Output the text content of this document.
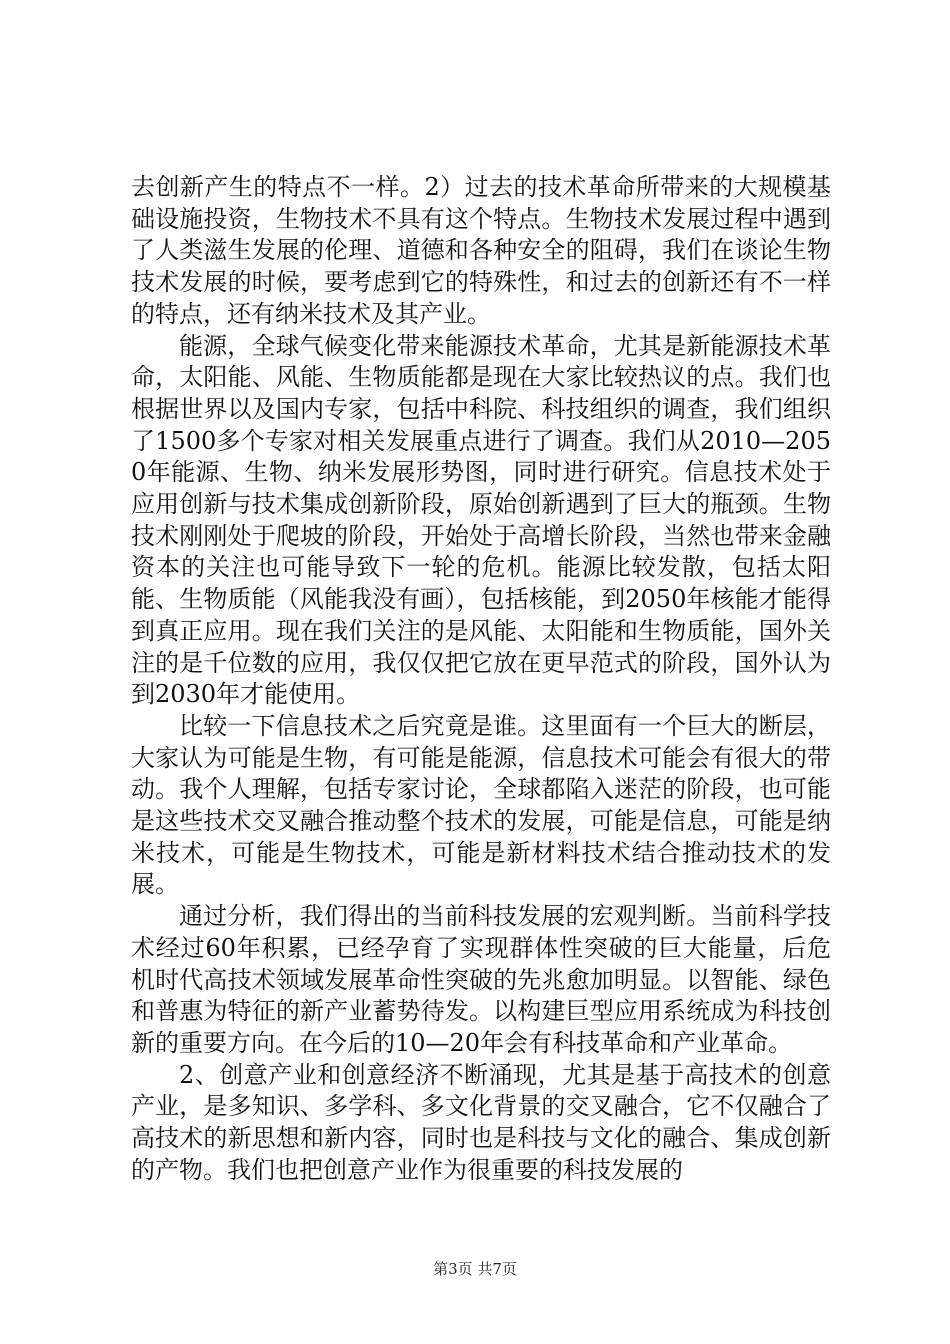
去创新产生的特点不一样。2）过去的技术革命所带来的大规模基础设施投资，生物技术不具有这个特点。生物技术发展过程中遇到了人类滋生发展的伦理、道德和各种安全的阻碍，我们在谈论生物技术发展的时候，要考虑到它的特殊性，和过去的创新还有不一样的特点，还有纳米技术及其产业。

能源，全球气候变化带来能源技术革命，尤其是新能源技术革命，太阳能、风能、生物质能都是现在大家比较热议的点。我们也根据世界以及国内专家，包括中科院、科技组织的调查，我们组织了1500多个专家对相关发展重点进行了调查。我们从2010—2050年能源、生物、纳米发展形势图，同时进行研究。信息技术处于应用创新与技术集成创新阶段，原始创新遇到了巨大的瓶颈。生物技术刚刚处于爬坡的阶段，开始处于高增长阶段，当然也带来金融资本的关注也可能导致下一轮的危机。能源比较发散，包括太阳能、生物质能（风能我没有画），包括核能，到2050年核能才能得到真正应用。现在我们关注的是风能、太阳能和生物质能，国外关注的是千位数的应用，我仅仅把它放在更早范式的阶段，国外认为到2030年才能使用。

比较一下信息技术之后究竟是谁。这里面有一个巨大的断层，大家认为可能是生物，有可能是能源，信息技术可能会有很大的带动。我个人理解，包括专家讨论，全球都陷入迷茫的阶段，也可能是这些技术交叉融合推动整个技术的发展，可能是信息，可能是纳米技术，可能是生物技术，可能是新材料技术结合推动技术的发展。

通过分析，我们得出的当前科技发展的宏观判断。当前科学技术经过60年积累，已经孕育了实现群体性突破的巨大能量，后危机时代高技术领域发展革命性突破的先兆愈加明显。以智能、绿色和普惠为特征的新产业蓄势待发。以构建巨型应用系统成为科技创新的重要方向。在今后的10—20年会有科技革命和产业革命。

2、创意产业和创意经济不断涌现，尤其是基于高技术的创意产业，是多知识、多学科、多文化背景的交叉融合，它不仅融合了高技术的新思想和新内容，同时也是科技与文化的融合、集成创新的产物。我们也把创意产业作为很重要的科技发展的

第3页 共7页
